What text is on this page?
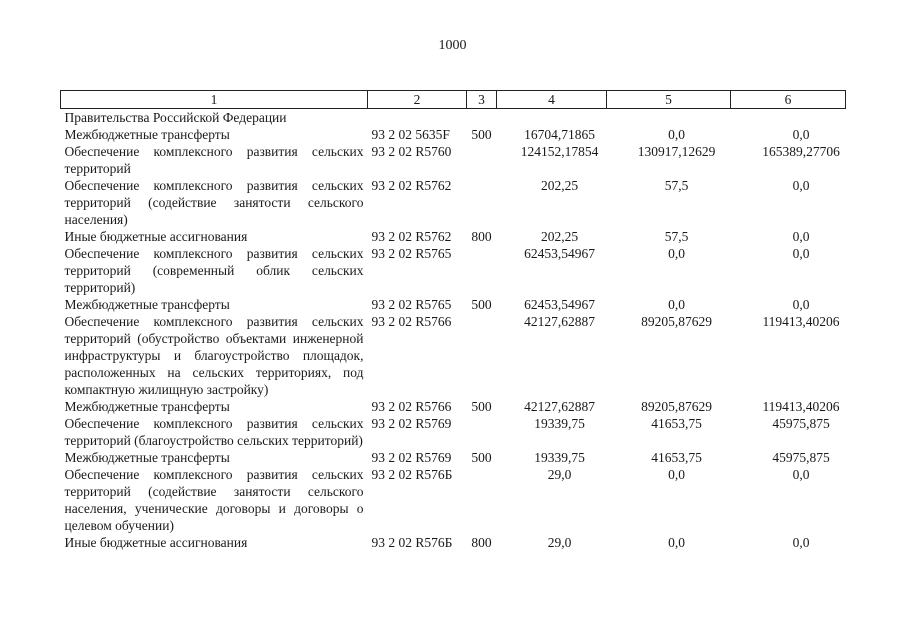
1000
1	2	3	4	5	6
Правительства Российской Федерации					
Межбюджетные трансферты	93 2 02 5635F	500	16704,71865	0,0	0,0
Обеспечение комплексного развития сельских территорий	93 2 02 R5760		124152,17854	130917,12629	165389,27706
Обеспечение комплексного развития сельских территорий (содействие занятости сельского населения)	93 2 02 R5762		202,25	57,5	0,0
Иные бюджетные ассигнования	93 2 02 R5762	800	202,25	57,5	0,0
Обеспечение комплексного развития сельских территорий (современный облик сельских территорий)	93 2 02 R5765		62453,54967	0,0	0,0
Межбюджетные трансферты	93 2 02 R5765	500	62453,54967	0,0	0,0
Обеспечение комплексного развития сельских территорий (обустройство объектами инженерной инфраструктуры и благоустройство площадок, расположенных на сельских территориях, под компактную жилищную застройку)	93 2 02 R5766		42127,62887	89205,87629	119413,40206
Межбюджетные трансферты	93 2 02 R5766	500	42127,62887	89205,87629	119413,40206
Обеспечение комплексного развития сельских территорий (благоустройство сельских территорий)	93 2 02 R5769		19339,75	41653,75	45975,875
Межбюджетные трансферты	93 2 02 R5769	500	19339,75	41653,75	45975,875
Обеспечение комплексного развития сельских территорий (содействие занятости сельского населения, ученические договоры и договоры о целевом обучении)	93 2 02 R576Б		29,0	0,0	0,0
Иные бюджетные ассигнования	93 2 02 R576Б	800	29,0	0,0	0,0
